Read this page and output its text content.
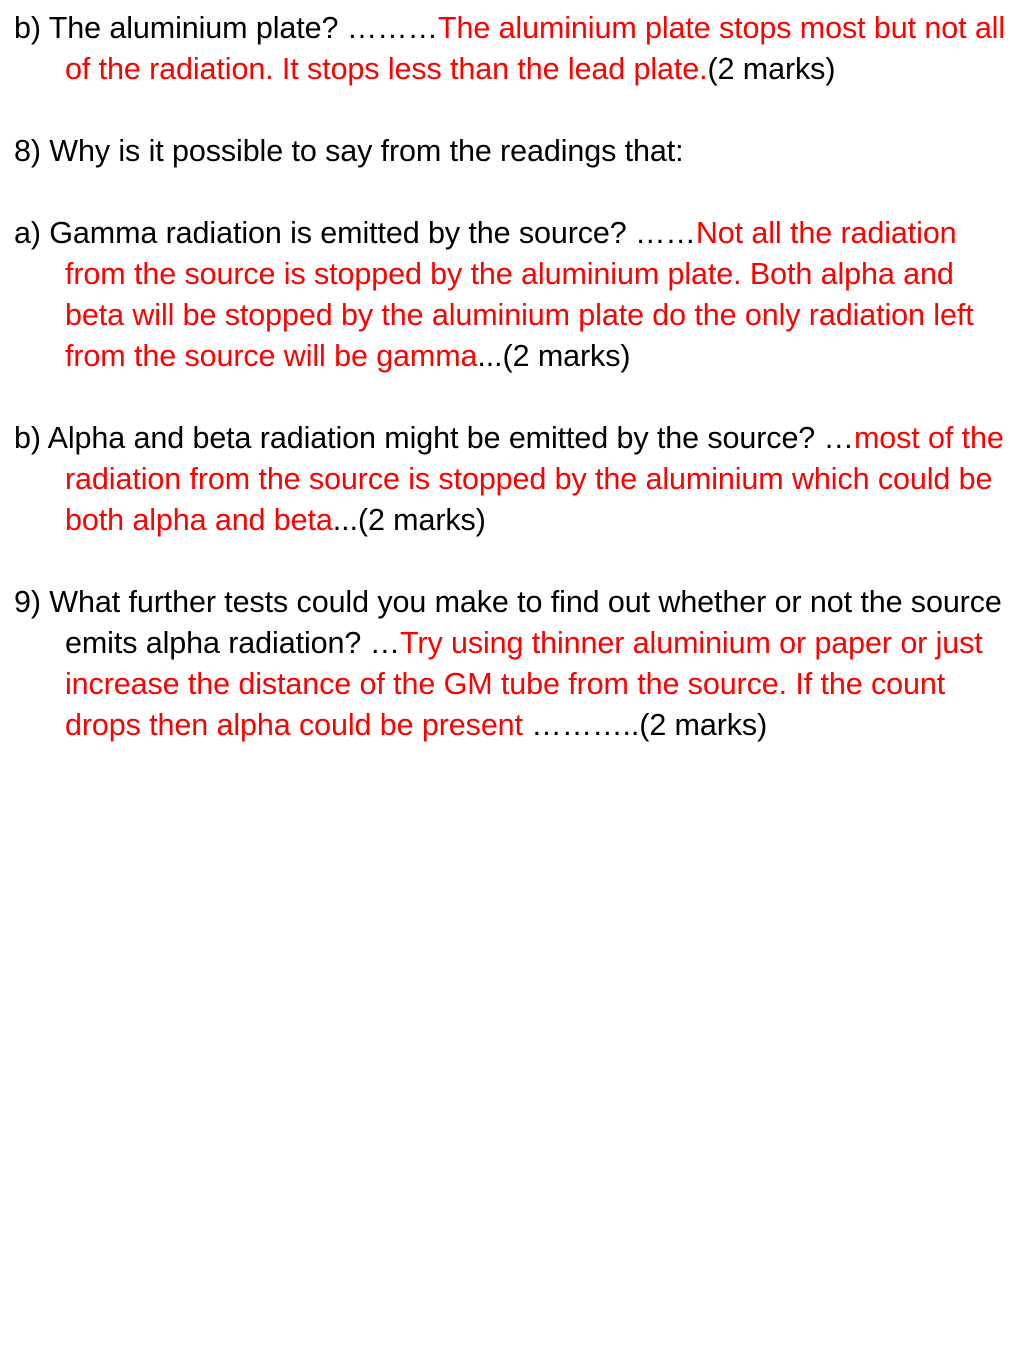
b) The aluminium plate? ………The aluminium plate stops most but not all of the radiation. It stops less than the lead plate.(2 marks)

8) Why is it possible to say from the readings that:

a) Gamma radiation is emitted by the source? ……Not all the radiation from the source is stopped by the aluminium plate. Both alpha and beta will be stopped by the aluminium plate do the only radiation left from the source will be gamma...(2 marks)

b) Alpha and beta radiation might be emitted by the source? …most of the radiation from the source is stopped by the aluminium which could be both alpha and beta...(2 marks)

9) What further tests could you make to find out whether or not the source emits alpha radiation? …Try using thinner aluminium or paper or just increase the distance of the GM tube from the source. If the count drops then alpha could be present ………..(2 marks)
